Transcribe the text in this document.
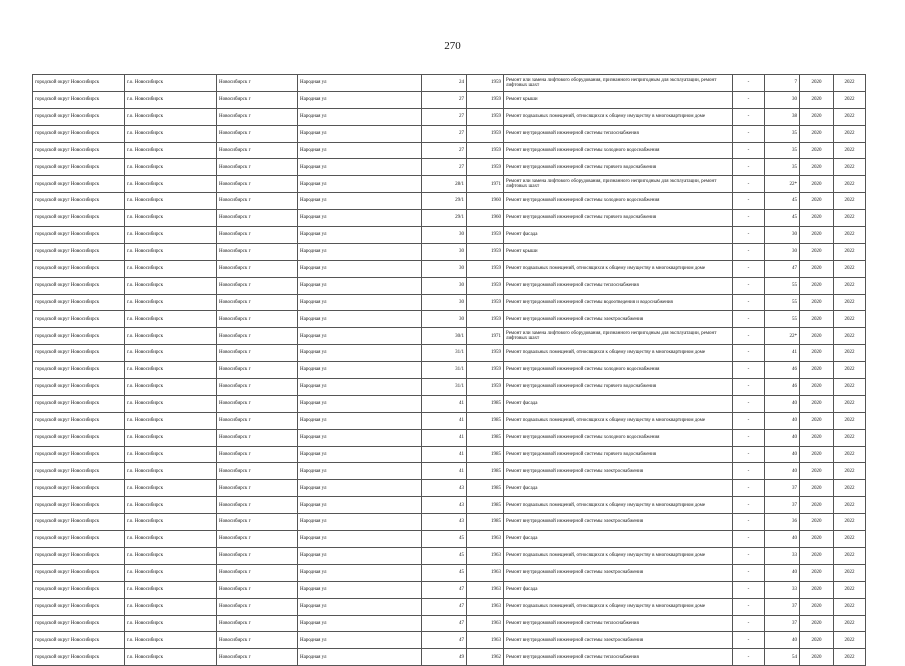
270
городской округ Новосибирск	г.о. Новосибирск	Новосибирск г	Народная ул	24	1959	Ремонт или замена лифтового оборудования, признанного непригодным для эксплуатации, ремонт лифтовых шахт	-	7	2020	2022
городской округ Новосибирск	г.о. Новосибирск	Новосибирск г	Народная ул	27	1959	Ремонт крыши	-	30	2020	2022
городской округ Новосибирск	г.о. Новосибирск	Новосибирск г	Народная ул	27	1959	Ремонт подвальных помещений, относящихся к общему имуществу в многоквартирном доме	-	38	2020	2022
городской округ Новосибирск	г.о. Новосибирск	Новосибирск г	Народная ул	27	1959	Ремонт внутридомовой инженерной системы теплоснабжения	-	35	2020	2022
городской округ Новосибирск	г.о. Новосибирск	Новосибирск г	Народная ул	27	1959	Ремонт внутридомовой инженерной системы холодного водоснабжения	-	35	2020	2022
городской округ Новосибирск	г.о. Новосибирск	Новосибирск г	Народная ул	27	1959	Ремонт внутридомовой инженерной системы горячего водоснабжения	-	35	2020	2022
городской округ Новосибирск	г.о. Новосибирск	Новосибирск г	Народная ул	28/1	1971	Ремонт или замена лифтового оборудования, признанного непригодным для эксплуатации, ремонт лифтовых шахт	-	22*	2020	2022
городской округ Новосибирск	г.о. Новосибирск	Новосибирск г	Народная ул	29/1	1960	Ремонт внутридомовой инженерной системы холодного водоснабжения	-	45	2020	2022
городской округ Новосибирск	г.о. Новосибирск	Новосибирск г	Народная ул	29/1	1960	Ремонт внутридомовой инженерной системы горячего водоснабжения	-	45	2020	2022
городской округ Новосибирск	г.о. Новосибирск	Новосибирск г	Народная ул	30	1959	Ремонт фасада	-	30	2020	2022
городской округ Новосибирск	г.о. Новосибирск	Новосибирск г	Народная ул	30	1959	Ремонт крыши	-	30	2020	2022
городской округ Новосибирск	г.о. Новосибирск	Новосибирск г	Народная ул	30	1959	Ремонт подвальных помещений, относящихся к общему имуществу в многоквартирном доме	-	47	2020	2022
городской округ Новосибирск	г.о. Новосибирск	Новосибирск г	Народная ул	30	1959	Ремонт внутридомовой инженерной системы теплоснабжения	-	55	2020	2022
городской округ Новосибирск	г.о. Новосибирск	Новосибирск г	Народная ул	30	1959	Ремонт внутридомовой инженерной системы водоотведения и водоснабжения	-	55	2020	2022
городской округ Новосибирск	г.о. Новосибирск	Новосибирск г	Народная ул	30	1959	Ремонт внутридомовой инженерной системы электроснабжения	-	55	2020	2022
городской округ Новосибирск	г.о. Новосибирск	Новосибирск г	Народная ул	30/1	1971	Ремонт или замена лифтового оборудования, признанного непригодным для эксплуатации, ремонт лифтовых шахт	-	22*	2020	2022
городской округ Новосибирск	г.о. Новосибирск	Новосибирск г	Народная ул	31/1	1959	Ремонт подвальных помещений, относящихся к общему имуществу в многоквартирном доме	-	41	2020	2022
городской округ Новосибирск	г.о. Новосибирск	Новосибирск г	Народная ул	31/1	1959	Ремонт внутридомовой инженерной системы холодного водоснабжения	-	46	2020	2022
городской округ Новосибирск	г.о. Новосибирск	Новосибирск г	Народная ул	31/1	1959	Ремонт внутридомовой инженерной системы горячего водоснабжения	-	46	2020	2022
городской округ Новосибирск	г.о. Новосибирск	Новосибирск г	Народная ул	41	1985	Ремонт фасада	-	40	2020	2022
городской округ Новосибирск	г.о. Новосибирск	Новосибирск г	Народная ул	41	1985	Ремонт подвальных помещений, относящихся к общему имуществу в многоквартирном доме	-	40	2020	2022
городской округ Новосибирск	г.о. Новосибирск	Новосибирск г	Народная ул	41	1985	Ремонт внутридомовой инженерной системы холодного водоснабжения	-	40	2020	2022
городской округ Новосибирск	г.о. Новосибирск	Новосибирск г	Народная ул	41	1985	Ремонт внутридомовой инженерной системы горячего водоснабжения	-	40	2020	2022
городской округ Новосибирск	г.о. Новосибирск	Новосибирск г	Народная ул	41	1985	Ремонт внутридомовой инженерной системы электроснабжения	-	40	2020	2022
городской округ Новосибирск	г.о. Новосибирск	Новосибирск г	Народная ул	43	1985	Ремонт фасада	-	37	2020	2022
городской округ Новосибирск	г.о. Новосибирск	Новосибирск г	Народная ул	43	1985	Ремонт подвальных помещений, относящихся к общему имуществу в многоквартирном доме	-	37	2020	2022
городской округ Новосибирск	г.о. Новосибирск	Новосибирск г	Народная ул	43	1985	Ремонт внутридомовой инженерной системы электроснабжения	-	36	2020	2022
городской округ Новосибирск	г.о. Новосибирск	Новосибирск г	Народная ул	45	1963	Ремонт фасада	-	40	2020	2022
городской округ Новосибирск	г.о. Новосибирск	Новосибирск г	Народная ул	45	1963	Ремонт подвальных помещений, относящихся к общему имуществу в многоквартирном доме	-	33	2020	2022
городской округ Новосибирск	г.о. Новосибирск	Новосибирск г	Народная ул	45	1963	Ремонт внутридомовой инженерной системы электроснабжения	-	40	2020	2022
городской округ Новосибирск	г.о. Новосибирск	Новосибирск г	Народная ул	47	1963	Ремонт фасада	-	33	2020	2022
городской округ Новосибирск	г.о. Новосибирск	Новосибирск г	Народная ул	47	1963	Ремонт подвальных помещений, относящихся к общему имуществу в многоквартирном доме	-	37	2020	2022
городской округ Новосибирск	г.о. Новосибирск	Новосибирск г	Народная ул	47	1963	Ремонт внутридомовой инженерной системы теплоснабжения	-	37	2020	2022
городской округ Новосибирск	г.о. Новосибирск	Новосибирск г	Народная ул	47	1963	Ремонт внутридомовой инженерной системы электроснабжения	-	40	2020	2022
городской округ Новосибирск	г.о. Новосибирск	Новосибирск г	Народная ул	49	1962	Ремонт внутридомовой инженерной системы теплоснабжения	-	54	2020	2022
